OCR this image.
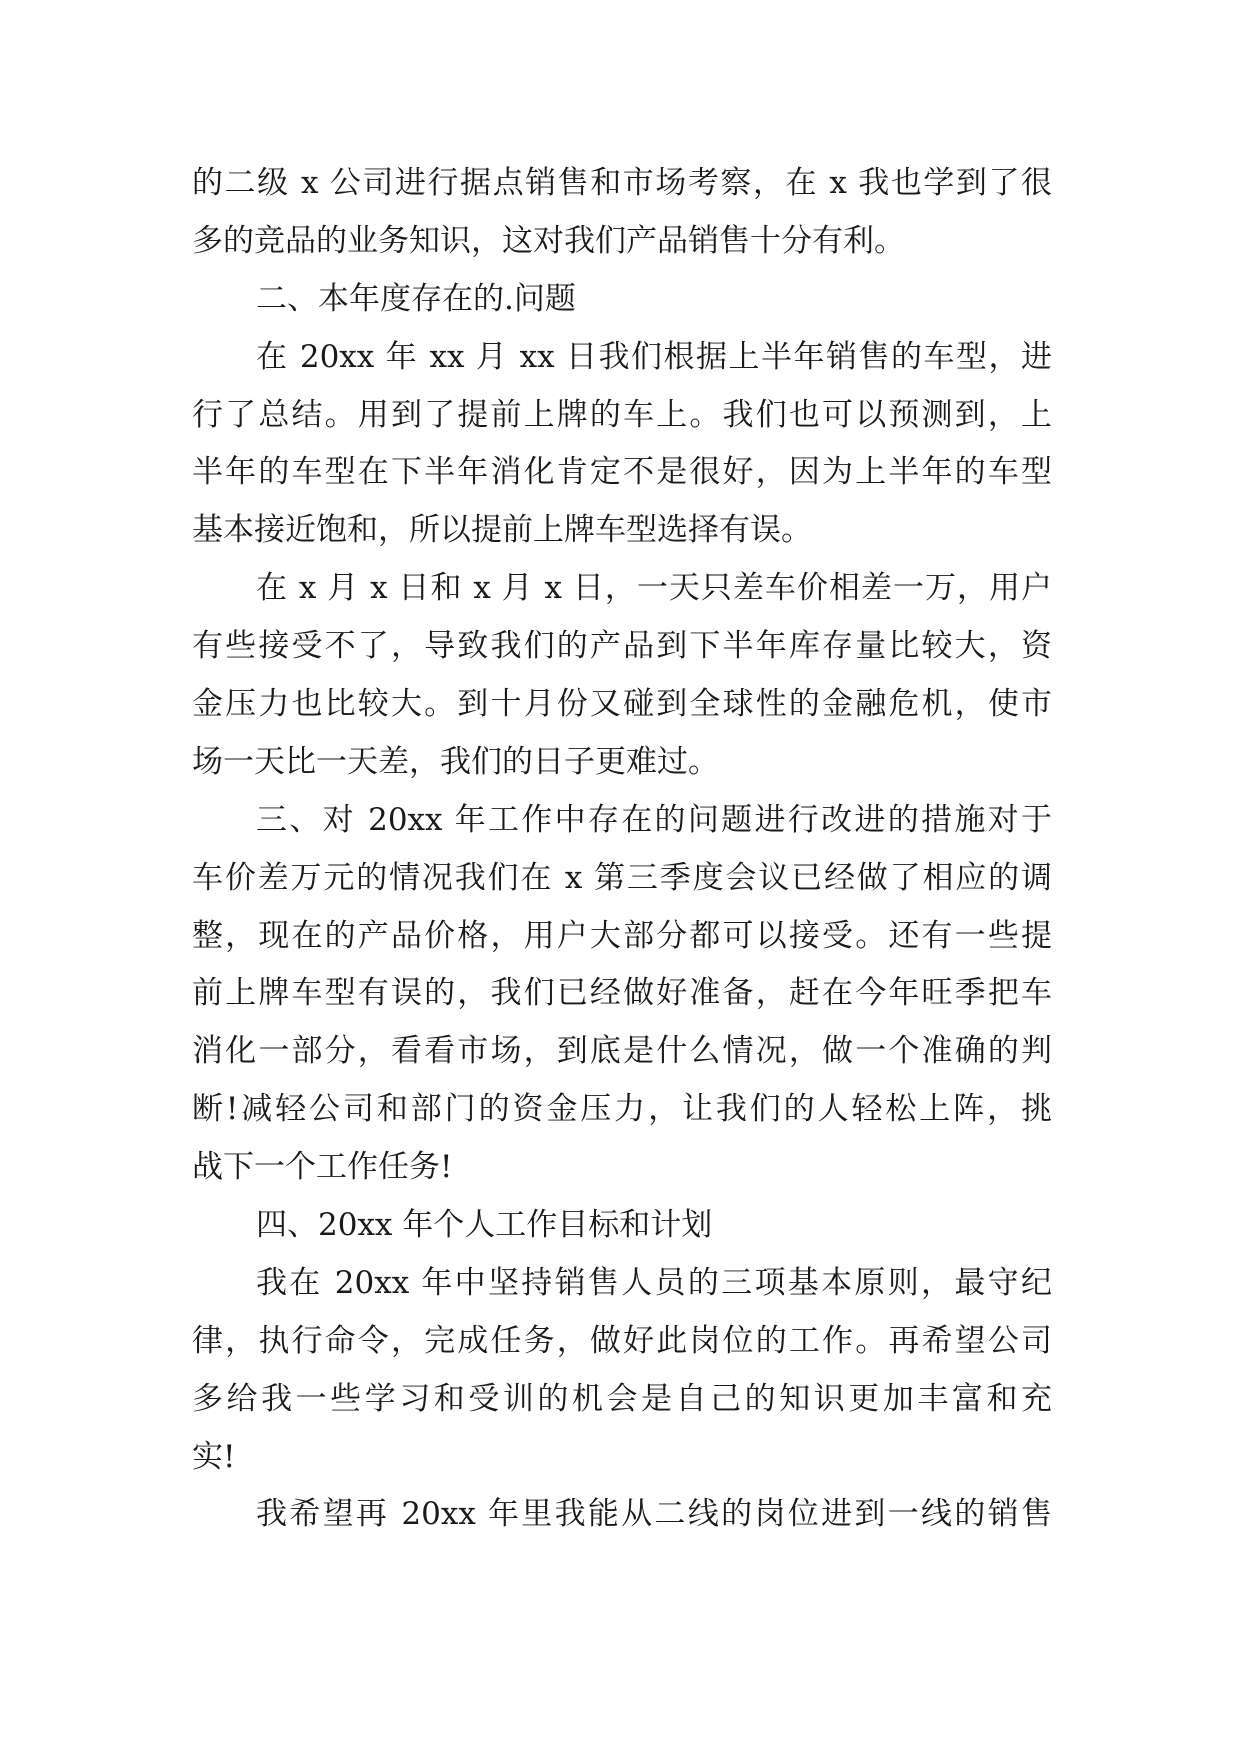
的二级 x 公司进行据点销售和市场考察，在 x 我也学到了很
多的竞品的业务知识，这对我们产品销售十分有利。
二、本年度存在的.问题
在 20xx 年 xx 月 xx 日我们根据上半年销售的车型，进
行了总结。用到了提前上牌的车上。我们也可以预测到，上
半年的车型在下半年消化肯定不是很好，因为上半年的车型
基本接近饱和，所以提前上牌车型选择有误。
在 x 月 x 日和 x 月 x 日，一天只差车价相差一万，用户
有些接受不了，导致我们的产品到下半年库存量比较大，资
金压力也比较大。到十月份又碰到全球性的金融危机，使市
场一天比一天差，我们的日子更难过。
三、对 20xx 年工作中存在的问题进行改进的措施对于
车价差万元的情况我们在 x 第三季度会议已经做了相应的调
整，现在的产品价格，用户大部分都可以接受。还有一些提
前上牌车型有误的，我们已经做好准备，赶在今年旺季把车
消化一部分，看看市场，到底是什么情况，做一个准确的判
断!减轻公司和部门的资金压力，让我们的人轻松上阵，挑
战下一个工作任务!
四、20xx 年个人工作目标和计划
我在 20xx 年中坚持销售人员的三项基本原则，最守纪
律，执行命令，完成任务，做好此岗位的工作。再希望公司
多给我一些学习和受训的机会是自己的知识更加丰富和充
实!
我希望再 20xx 年里我能从二线的岗位进到一线的销售
